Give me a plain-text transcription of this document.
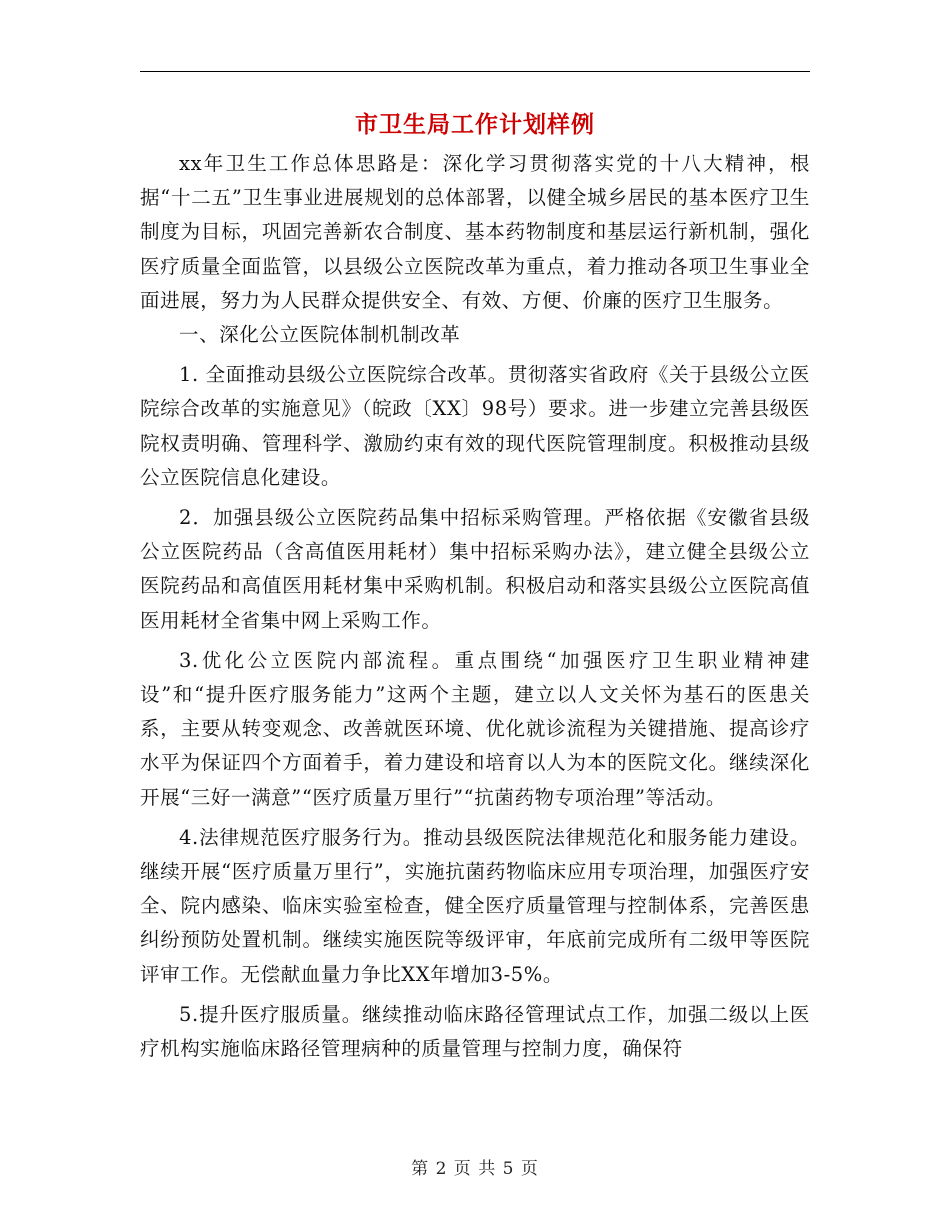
市卫生局工作计划样例

xx年卫生工作总体思路是：深化学习贯彻落实党的十八大精神，根据“十二五”卫生事业进展规划的总体部署，以健全城乡居民的基本医疗卫生制度为目标，巩固完善新农合制度、基本药物制度和基层运行新机制，强化医疗质量全面监管，以县级公立医院改革为重点，着力推动各项卫生事业全面进展，努力为人民群众提供安全、有效、方便、价廉的医疗卫生服务。

一、深化公立医院体制机制改革

1. 全面推动县级公立医院综合改革。贯彻落实省政府《关于县级公立医院综合改革的实施意见》（皖政〔XX〕98号）要求。进一步建立完善县级医院权责明确、管理科学、激励约束有效的现代医院管理制度。积极推动县级公立医院信息化建设。

2．加强县级公立医院药品集中招标采购管理。严格依据《安徽省县级公立医院药品（含高值医用耗材）集中招标采购办法》，建立健全县级公立医院药品和高值医用耗材集中采购机制。积极启动和落实县级公立医院高值医用耗材全省集中网上采购工作。

3.优化公立医院内部流程。重点围绕“加强医疗卫生职业精神建设”和“提升医疗服务能力”这两个主题，建立以人文关怀为基石的医患关系，主要从转变观念、改善就医环境、优化就诊流程为关键措施、提高诊疗水平为保证四个方面着手，着力建设和培育以人为本的医院文化。继续深化开展“三好一满意”“医疗质量万里行”“抗菌药物专项治理”等活动。

4.法律规范医疗服务行为。推动县级医院法律规范化和服务能力建设。继续开展“医疗质量万里行”，实施抗菌药物临床应用专项治理，加强医疗安全、院内感染、临床实验室检查，健全医疗质量管理与控制体系，完善医患纠纷预防处置机制。继续实施医院等级评审，年底前完成所有二级甲等医院评审工作。无偿献血量力争比XX年增加3-5%。

5.提升医疗服质量。继续推动临床路径管理试点工作，加强二级以上医疗机构实施临床路径管理病种的质量管理与控制力度，确保符

第 2 页 共 5 页
